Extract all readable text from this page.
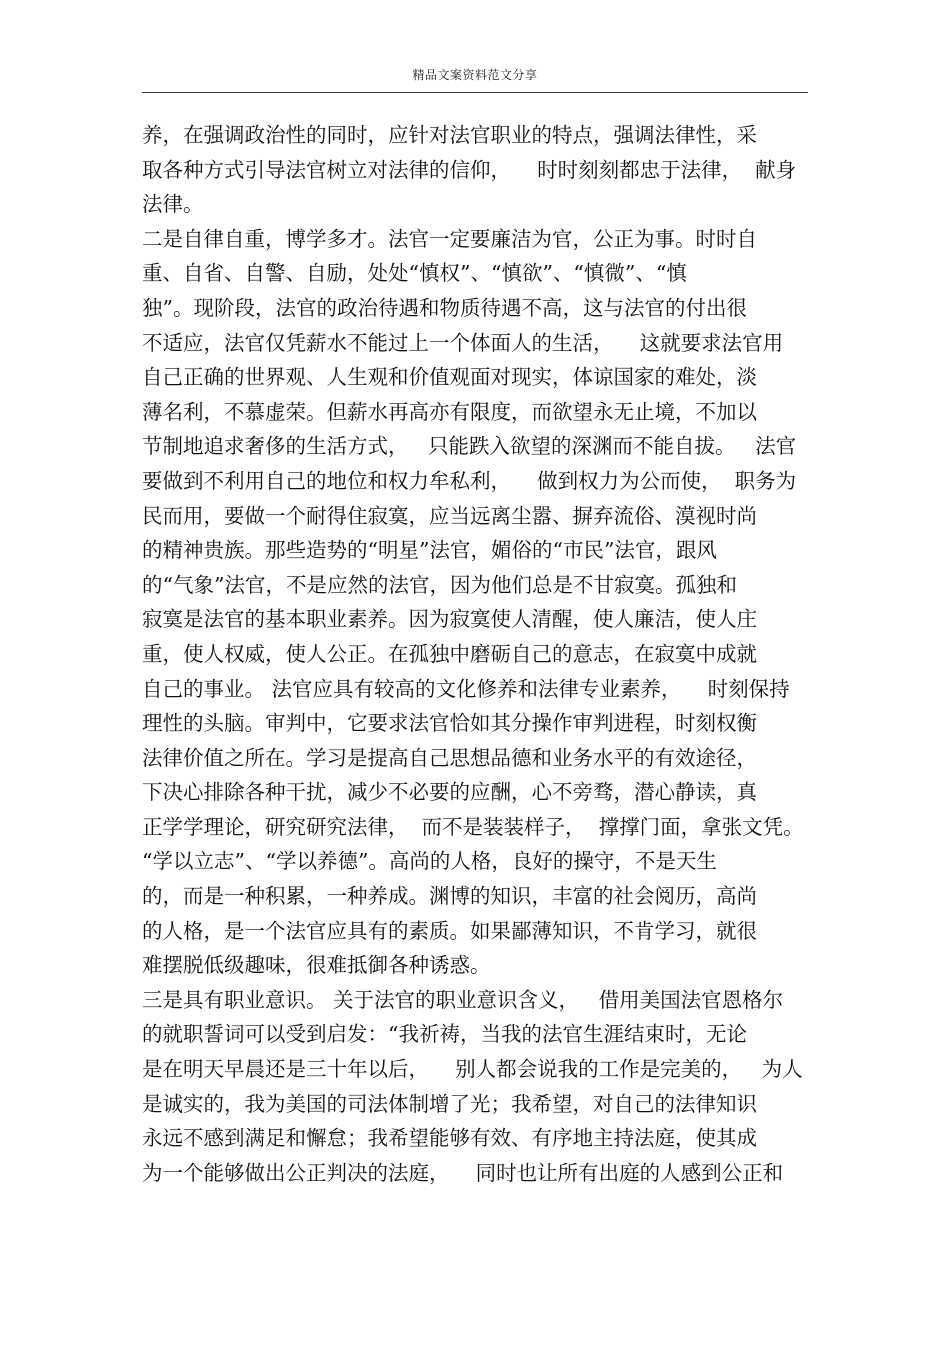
精品文案资料范文分享
养，在强调政治性的同时，应针对法官职业的特点，强调法律性，采
取各种方式引导法官树立对法律的信仰，    时时刻刻都忠于法律，  献身
法律。
二是自律自重，博学多才。法官一定要廉洁为官，公正为事。时时自
重、自省、自警、自励，处处“慎权”、“慎欲”、“慎微”、“慎
独”。现阶段，法官的政治待遇和物质待遇不高，这与法官的付出很
不适应，法官仅凭薪水不能过上一个体面人的生活，    这就要求法官用
自己正确的世界观、人生观和价值观面对现实，体谅国家的难处，淡
薄名利，不慕虚荣。但薪水再高亦有限度，而欲望永无止境，不加以
节制地追求奢侈的生活方式，   只能跌入欲望的深渊而不能自拔。   法官
要做到不利用自己的地位和权力牟私利，    做到权力为公而使，  职务为
民而用，要做一个耐得住寂寞，应当远离尘嚣、摒弃流俗、漠视时尚
的精神贵族。那些造势的“明星”法官，媚俗的“市民”法官，跟风
的“气象”法官，不是应然的法官，因为他们总是不甘寂寞。孤独和
寂寞是法官的基本职业素养。因为寂寞使人清醒，使人廉洁，使人庄
重，使人权威，使人公正。在孤独中磨砺自己的意志，在寂寞中成就
自己的事业。 法官应具有较高的文化修养和法律专业素养，    时刻保持
理性的头脑。审判中，它要求法官恰如其分操作审判进程，时刻权衡
法律价值之所在。学习是提高自己思想品德和业务水平的有效途径，
下决心排除各种干扰，减少不必要的应酬，心不旁骛，潜心静读，真
正学学理论，研究研究法律，  而不是装装样子，  撑撑门面，拿张文凭。
“学以立志”、“学以养德”。高尚的人格，良好的操守，不是天生
的，而是一种积累，一种养成。渊博的知识，丰富的社会阅历，高尚
的人格，是一个法官应具有的素质。如果鄙薄知识，不肯学习，就很
难摆脱低级趣味，很难抵御各种诱惑。
三是具有职业意识。 关于法官的职业意识含义，   借用美国法官恩格尔
的就职誓词可以受到启发：“我祈祷，当我的法官生涯结束时，无论
是在明天早晨还是三十年以后，    别人都会说我的工作是完美的，   为人
是诚实的，我为美国的司法体制增了光；我希望，对自己的法律知识
永远不感到满足和懈怠；我希望能够有效、有序地主持法庭，使其成
为一个能够做出公正判决的法庭，    同时也让所有出庭的人感到公正和
